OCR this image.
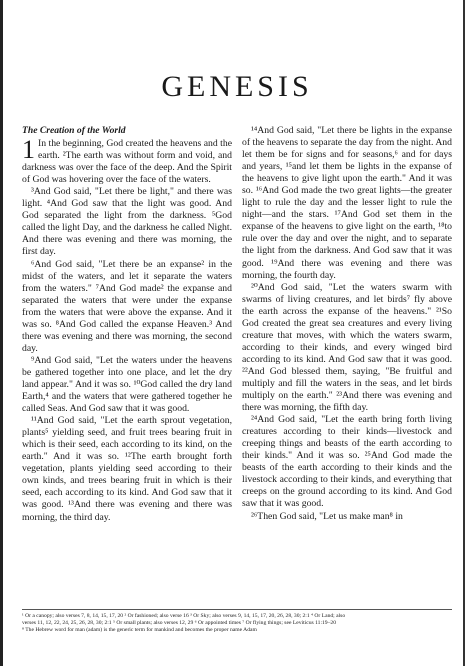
GENESIS
The Creation of the World

1 In the beginning, God created the heavens and the earth. ²The earth was without form and void, and darkness was over the face of the deep. And the Spirit of God was hovering over the face of the waters.

³And God said, "Let there be light," and there was light. ⁴And God saw that the light was good. And God separated the light from the darkness. ⁵God called the light Day, and the darkness he called Night. And there was evening and there was morning, the first day.

⁶And God said, "Let there be an expanse² in the midst of the waters, and let it separate the waters from the waters." ⁷And God made² the expanse and separated the waters that were under the expanse from the waters that were above the expanse. And it was so. ⁸And God called the expanse Heaven.³ And there was evening and there was morning, the second day.

⁹And God said, "Let the waters under the heavens be gathered together into one place, and let the dry land appear." And it was so. ¹⁰God called the dry land Earth,⁴ and the waters that were gathered together he called Seas. And God saw that it was good.

¹¹And God said, "Let the earth sprout vegetation, plants⁵ yielding seed, and fruit trees bearing fruit in which is their seed, each according to its kind, on the earth." And it was so. ¹²The earth brought forth vegetation, plants yielding seed according to their own kinds, and trees bearing fruit in which is their seed, each according to its kind. And God saw that it was good. ¹³And there was evening and there was morning, the third day.

¹⁴And God said, "Let there be lights in the expanse of the heavens to separate the day from the night. And let them be for signs and for seasons,⁶ and for days and years, ¹⁵and let them be lights in the expanse of the heavens to give light upon the earth." And it was so. ¹⁶And God made the two great lights—the greater light to rule the day and the lesser light to rule the night—and the stars. ¹⁷And God set them in the expanse of the heavens to give light on the earth, ¹⁸to rule over the day and over the night, and to separate the light from the darkness. And God saw that it was good. ¹⁹And there was evening and there was morning, the fourth day.

²⁰And God said, "Let the waters swarm with swarms of living creatures, and let birds⁷ fly above the earth across the expanse of the heavens." ²¹So God created the great sea creatures and every living creature that moves, with which the waters swarm, according to their kinds, and every winged bird according to its kind. And God saw that it was good. ²²And God blessed them, saying, "Be fruitful and multiply and fill the waters in the seas, and let birds multiply on the earth." ²³And there was evening and there was morning, the fifth day.

²⁴And God said, "Let the earth bring forth living creatures according to their kinds—livestock and creeping things and beasts of the earth according to their kinds." And it was so. ²⁵And God made the beasts of the earth according to their kinds and the livestock according to their kinds, and everything that creeps on the ground according to its kind. And God saw that it was good.

²⁶Then God said, "Let us make man⁸ in

¹ Or a canopy; also verses 7, 8, 14, 15, 17, 20 ² Or fashioned; also verse 16 ³ Or Sky; also verses 9, 14, 15, 17, 20, 26, 28, 30; 2:1 ⁴ Or Land; also

verses 11, 12, 22, 24, 25, 26, 28, 30; 2:1 ⁵ Or small plants; also verses 12, 29 ⁶ Or appointed times ⁷ Or flying things; see Leviticus 11:19–20

⁸ The Hebrew word for man (adam) is the generic term for mankind and becomes the proper name Adam
